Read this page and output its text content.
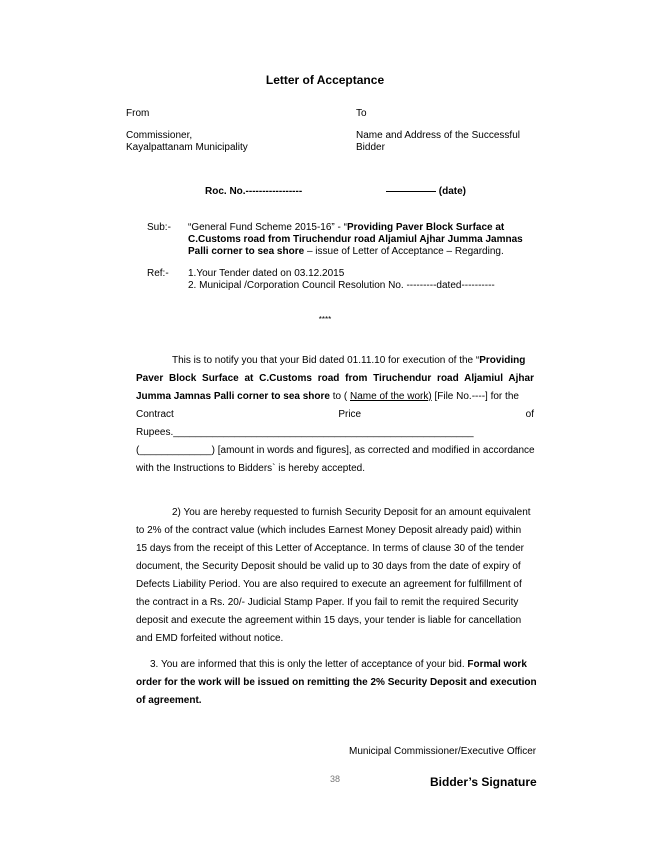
Letter of Acceptance
From
Commissioner,
Kayalpattanam Municipality
To
Name and Address of the Successful
Bidder
Roc. No.-----------------	————— (date)
Sub:- “General Fund Scheme 2015-16” - “Providing Paver Block Surface at
C.Customs road from Tiruchendur road Aljamiul Ajhar Jumma Jamnas
Palli corner to sea shore – issue of Letter of Acceptance – Regarding.
Ref:- 1.Your Tender dated on 03.12.2015
2. Municipal /Corporation Council Resolution No. ---------dated----------
****
This is to notify you that your Bid dated 01.11.10 for execution of the “Providing
Paver Block Surface at C.Customs road from Tiruchendur road Aljamiul Ajhar
Jumma Jamnas Palli corner to sea shore to ( Name of the work) [File No.----] for the
Contract	Price	of
Rupees.______________________________________________________
(_____________) [amount in words and figures], as corrected and modified in accordance
with the Instructions to Bidders` is hereby accepted.
2) You are hereby requested to furnish Security Deposit for an amount equivalent
to 2% of the contract value (which includes Earnest Money Deposit already paid) within
15 days from the receipt of this Letter of Acceptance. In terms of clause 30 of the tender
document, the Security Deposit should be valid up to 30 days from the date of expiry of
Defects Liability Period. You are also required to execute an agreement for fulfillment of
the contract in a Rs. 20/- Judicial Stamp Paper. If you fail to remit the required Security
deposit and execute the agreement within 15 days, your tender is liable for cancellation
and EMD forfeited without notice.
3. You are informed that this is only the letter of acceptance of your bid. Formal work
order for the work will be issued on remitting the 2% Security Deposit and execution
of agreement.
Municipal Commissioner/Executive Officer
38	Bidder’s Signature
